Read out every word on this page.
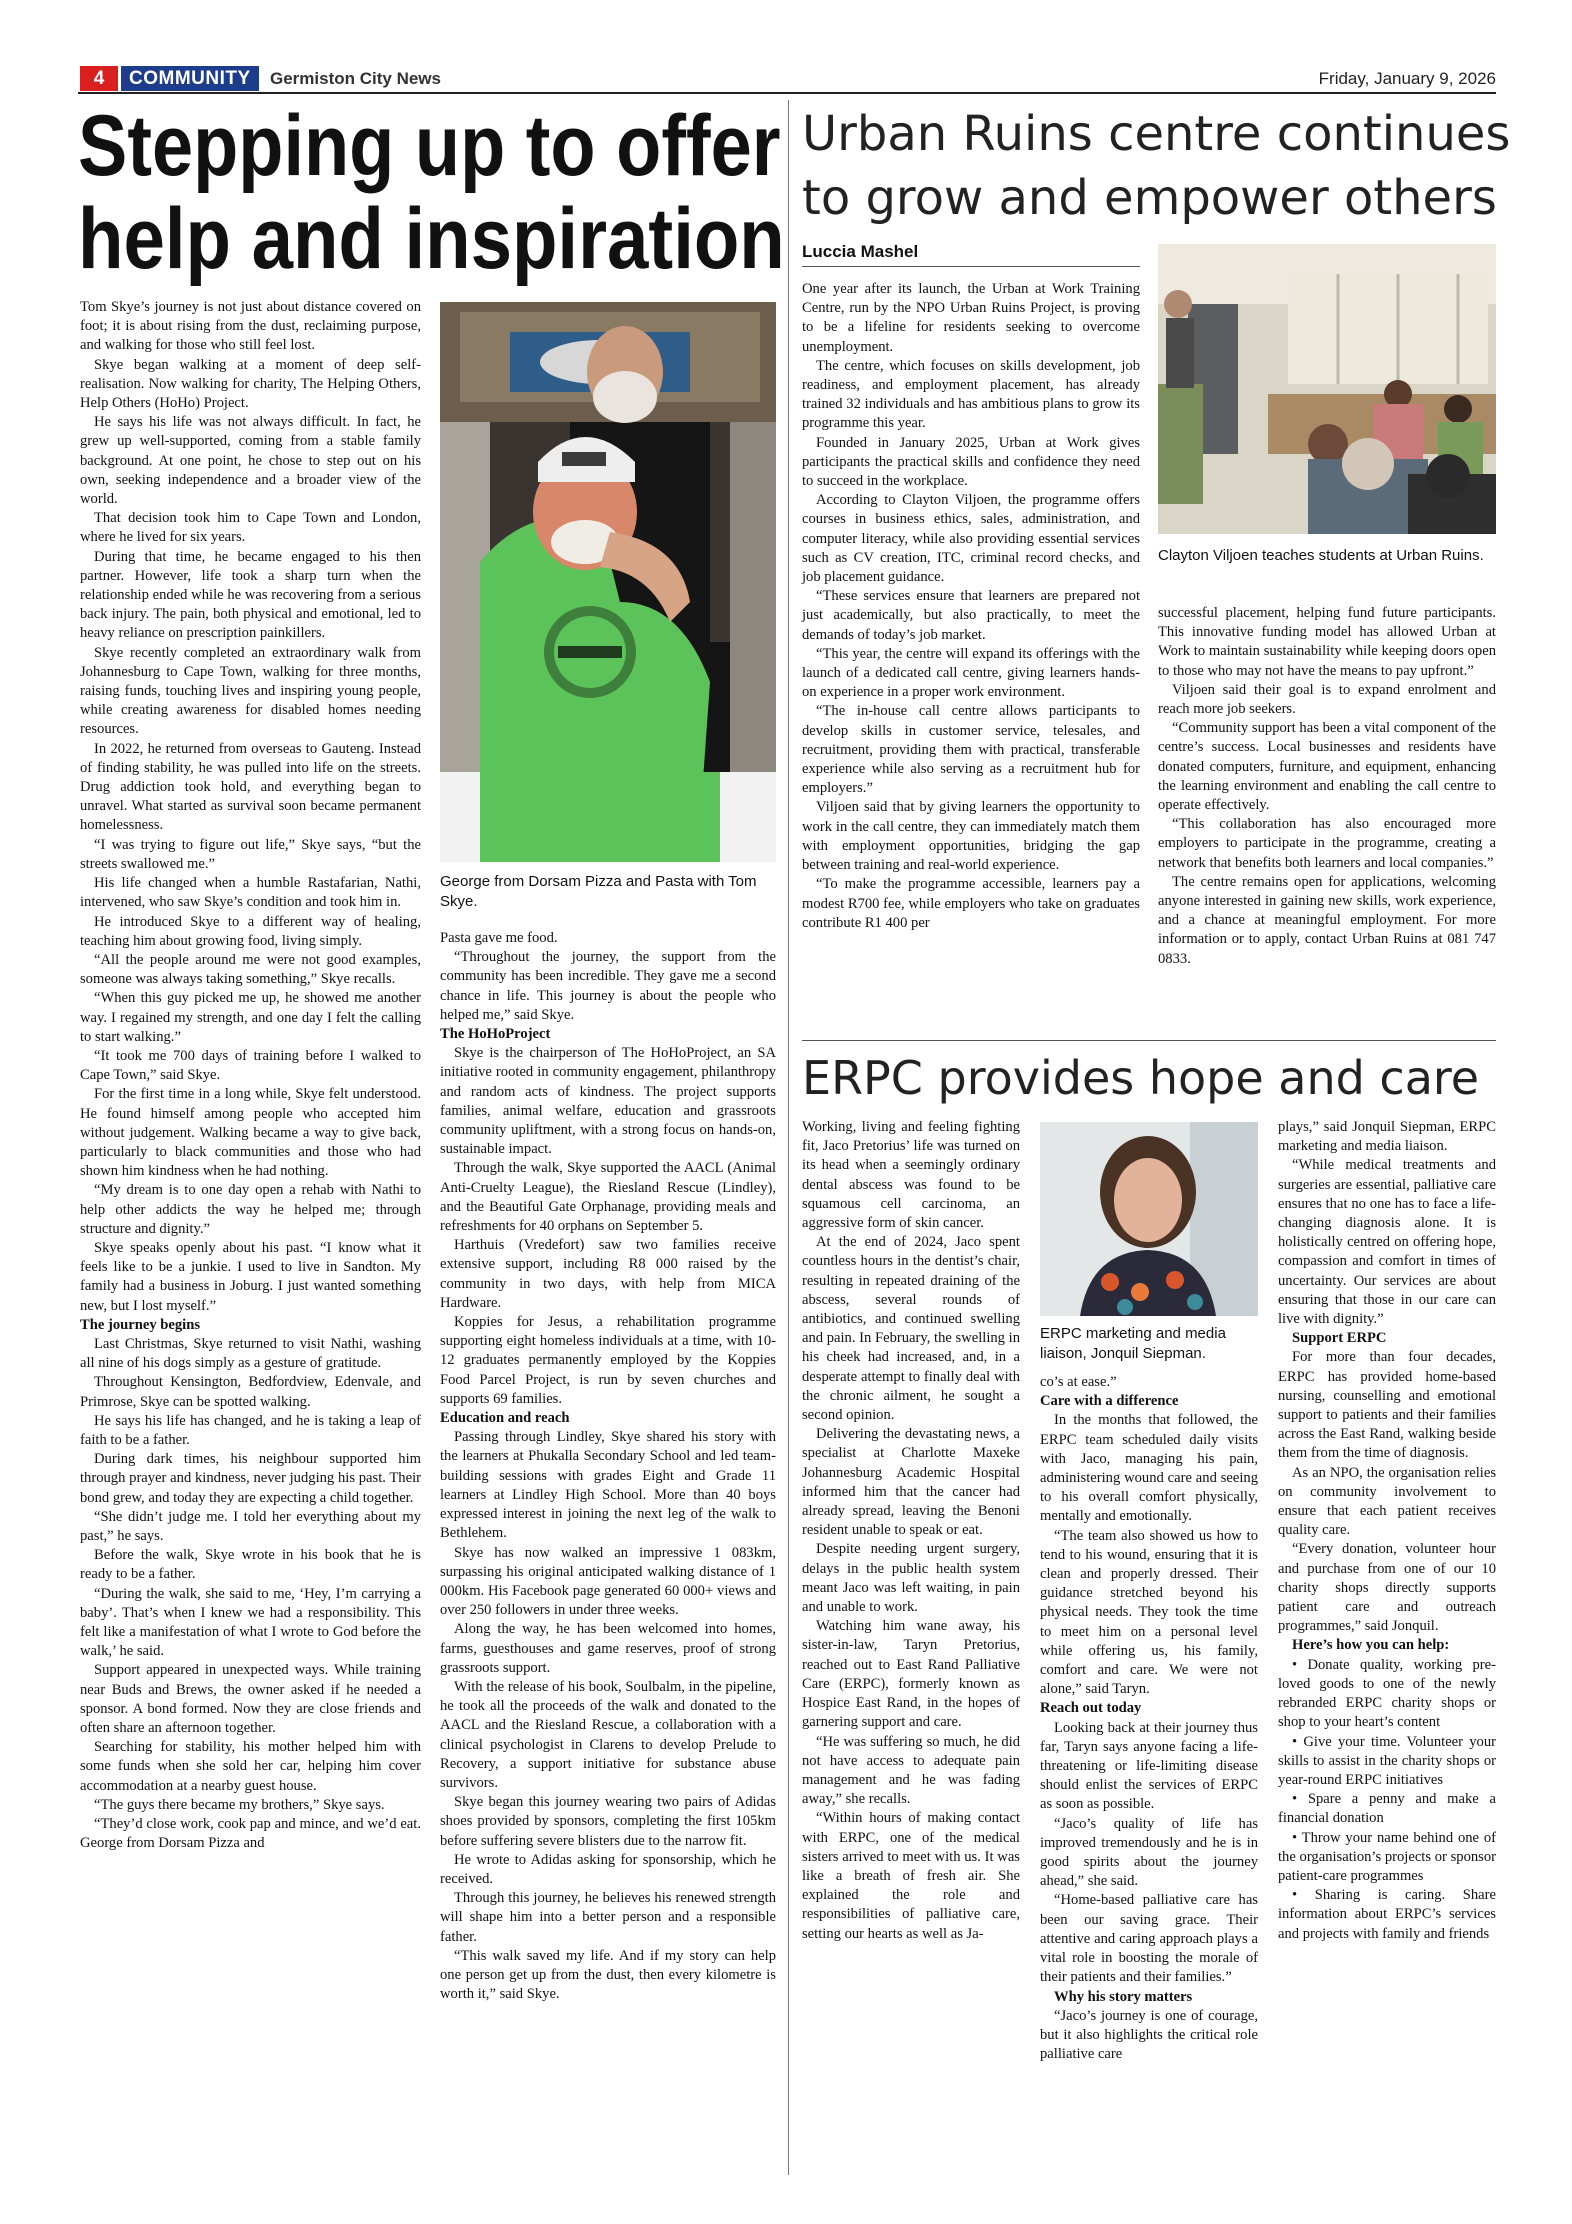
4	COMMUNITY	Germiston City News	Friday, January 9, 2026
Stepping up to offer
help and inspiration

Tom Skye’s journey is not just about distance covered on foot; it is about rising from the dust, reclaiming purpose, and walking for those who still feel lost.

Skye began walking at a moment of deep self-realisation. Now walking for charity, The Helping Others, Help Others (HoHo) Project.

He says his life was not always difficult. In fact, he grew up well-supported, coming from a stable family background. At one point, he chose to step out on his own, seeking independence and a broader view of the world.

That decision took him to Cape Town and London, where he lived for six years.

During that time, he became engaged to his then partner. However, life took a sharp turn when the relationship ended while he was recovering from a serious back injury. The pain, both physical and emotional, led to heavy reliance on prescription painkillers.

Skye recently completed an extraordinary walk from Johannesburg to Cape Town, walking for three months, raising funds, touching lives and inspiring young people, while creating awareness for disabled homes needing resources.

In 2022, he returned from overseas to Gauteng. Instead of finding stability, he was pulled into life on the streets. Drug addiction took hold, and everything began to unravel. What started as survival soon became permanent homelessness.

“I was trying to figure out life,” Skye says, “but the streets swallowed me.”

His life changed when a humble Rastafarian, Nathi, intervened, who saw Skye’s condition and took him in.

He introduced Skye to a different way of healing, teaching him about growing food, living simply.

“All the people around me were not good examples, someone was always taking something,” Skye recalls.

“When this guy picked me up, he showed me another way. I regained my strength, and one day I felt the calling to start walking.”

“It took me 700 days of training before I walked to Cape Town,” said Skye.

For the first time in a long while, Skye felt understood. He found himself among people who accepted him without judgement. Walking became a way to give back, particularly to black communities and those who had shown him kindness when he had nothing.

“My dream is to one day open a rehab with Nathi to help other addicts the way he helped me; through structure and dignity.”

Skye speaks openly about his past. “I know what it feels like to be a junkie. I used to live in Sandton. My family had a business in Joburg. I just wanted something new, but I lost myself.”

The journey begins

Last Christmas, Skye returned to visit Nathi, washing all nine of his dogs simply as a gesture of gratitude.

Throughout Kensington, Bedfordview, Edenvale, and Primrose, Skye can be spotted walking.

He says his life has changed, and he is taking a leap of faith to be a father.

During dark times, his neighbour supported him through prayer and kindness, never judging his past. Their bond grew, and today they are expecting a child together.

“She didn’t judge me. I told her everything about my past,” he says.

Before the walk, Skye wrote in his book that he is ready to be a father.

“During the walk, she said to me, ‘Hey, I’m carrying a baby’. That’s when I knew we had a responsibility. This felt like a manifestation of what I wrote to God before the walk,’ he said.

Support appeared in unexpected ways. While training near Buds and Brews, the owner asked if he needed a sponsor. A bond formed. Now they are close friends and often share an afternoon together.

Searching for stability, his mother helped him with some funds when she sold her car, helping him cover accommodation at a nearby guest house.

“The guys there became my brothers,” Skye says.

“They’d close work, cook pap and mince, and we’d eat. George from Dorsam Pizza and

George from Dorsam Pizza and Pasta with Tom Skye.

Pasta gave me food.

“Throughout the journey, the support from the community has been incredible. They gave me a second chance in life. This journey is about the people who helped me,” said Skye.

The HoHoProject

Skye is the chairperson of The HoHoProject, an SA initiative rooted in community engagement, philanthropy and random acts of kindness. The project supports families, animal welfare, education and grassroots community upliftment, with a strong focus on hands-on, sustainable impact.

Through the walk, Skye supported the AACL (Animal Anti-Cruelty League), the Riesland Rescue (Lindley), and the Beautiful Gate Orphanage, providing meals and refreshments for 40 orphans on September 5.

Harthuis (Vredefort) saw two families receive extensive support, including R8 000 raised by the community in two days, with help from MICA Hardware.

Koppies for Jesus, a rehabilitation programme supporting eight homeless individuals at a time, with 10-12 graduates permanently employed by the Koppies Food Parcel Project, is run by seven churches and supports 69 families.

Education and reach

Passing through Lindley, Skye shared his story with the learners at Phukalla Secondary School and led team-building sessions with grades Eight and Grade 11 learners at Lindley High School. More than 40 boys expressed interest in joining the next leg of the walk to Bethlehem.

Skye has now walked an impressive 1 083km, surpassing his original anticipated walking distance of 1 000km. His Facebook page generated 60 000+ views and over 250 followers in under three weeks.

Along the way, he has been welcomed into homes, farms, guesthouses and game reserves, proof of strong grassroots support.

With the release of his book, Soulbalm, in the pipeline, he took all the proceeds of the walk and donated to the AACL and the Riesland Rescue, a collaboration with a clinical psychologist in Clarens to develop Prelude to Recovery, a support initiative for substance abuse survivors.

Skye began this journey wearing two pairs of Adidas shoes provided by sponsors, completing the first 105km before suffering severe blisters due to the narrow fit.

He wrote to Adidas asking for sponsorship, which he received.

Through this journey, he believes his renewed strength will shape him into a better person and a responsible father.

“This walk saved my life. And if my story can help one person get up from the dust, then every kilometre is worth it,” said Skye.

Urban Ruins centre continues
to grow and empower others
Luccia Mashel

One year after its launch, the Urban at Work Training Centre, run by the NPO Urban Ruins Project, is proving to be a lifeline for residents seeking to overcome unemployment.

The centre, which focuses on skills development, job readiness, and employment placement, has already trained 32 individuals and has ambitious plans to grow its programme this year.

Founded in January 2025, Urban at Work gives participants the practical skills and confidence they need to succeed in the workplace.

According to Clayton Viljoen, the programme offers courses in business ethics, sales, administration, and computer literacy, while also providing essential services such as CV creation, ITC, criminal record checks, and job placement guidance.

“These services ensure that learners are prepared not just academically, but also practically, to meet the demands of today’s job market.

“This year, the centre will expand its offerings with the launch of a dedicated call centre, giving learners hands-on experience in a proper work environment.

“The in-house call centre allows participants to develop skills in customer service, telesales, and recruitment, providing them with practical, transferable experience while also serving as a recruitment hub for employers.”

Viljoen said that by giving learners the opportunity to work in the call centre, they can immediately match them with employment opportunities, bridging the gap between training and real-world experience.

“To make the programme accessible, learners pay a modest R700 fee, while employers who take on graduates contribute R1 400 per

Clayton Viljoen teaches students at Urban Ruins.

successful placement, helping fund future participants. This innovative funding model has allowed Urban at Work to maintain sustainability while keeping doors open to those who may not have the means to pay upfront.”

Viljoen said their goal is to expand enrolment and reach more job seekers.

“Community support has been a vital component of the centre’s success. Local businesses and residents have donated computers, furniture, and equipment, enhancing the learning environment and enabling the call centre to operate effectively.

“This collaboration has also encouraged more employers to participate in the programme, creating a network that benefits both learners and local companies.”

The centre remains open for applications, welcoming anyone interested in gaining new skills, work experience, and a chance at meaningful employment. For more information or to apply, contact Urban Ruins at 081 747 0833.

ERPC provides hope and care

Working, living and feeling fighting fit, Jaco Pretorius’ life was turned on its head when a seemingly ordinary dental abscess was found to be squamous cell carcinoma, an aggressive form of skin cancer.

At the end of 2024, Jaco spent countless hours in the dentist’s chair, resulting in repeated draining of the abscess, several rounds of antibiotics, and continued swelling and pain. In February, the swelling in his cheek had increased, and, in a desperate attempt to finally deal with the chronic ailment, he sought a second opinion.

Delivering the devastating news, a specialist at Charlotte Maxeke Johannesburg Academic Hospital informed him that the cancer had already spread, leaving the Benoni resident unable to speak or eat.

Despite needing urgent surgery, delays in the public health system meant Jaco was left waiting, in pain and unable to work.

Watching him wane away, his sister-in-law, Taryn Pretorius, reached out to East Rand Palliative Care (ERPC), formerly known as Hospice East Rand, in the hopes of garnering support and care.

“He was suffering so much, he did not have access to adequate pain management and he was fading away,” she recalls.

“Within hours of making contact with ERPC, one of the medical sisters arrived to meet with us. It was like a breath of fresh air. She explained the role and responsibilities of palliative care, setting our hearts as well as Ja-

ERPC marketing and media liaison, Jonquil Siepman.

co’s at ease.”

Care with a difference

In the months that followed, the ERPC team scheduled daily visits with Jaco, managing his pain, administering wound care and seeing to his overall comfort physically, mentally and emotionally.

“The team also showed us how to tend to his wound, ensuring that it is clean and properly dressed. Their guidance stretched beyond his physical needs. They took the time to meet him on a personal level while offering us, his family, comfort and care. We were not alone,” said Taryn.

Reach out today

Looking back at their journey thus far, Taryn says anyone facing a life-threatening or life-limiting disease should enlist the services of ERPC as soon as possible.

“Jaco’s quality of life has improved tremendously and he is in good spirits about the journey ahead,” she said.

“Home-based palliative care has been our saving grace. Their attentive and caring approach plays a vital role in boosting the morale of their patients and their families.”

Why his story matters

“Jaco’s journey is one of courage, but it also highlights the critical role palliative care

plays,” said Jonquil Siepman, ERPC marketing and media liaison.

“While medical treatments and surgeries are essential, palliative care ensures that no one has to face a life-changing diagnosis alone. It is holistically centred on offering hope, compassion and comfort in times of uncertainty. Our services are about ensuring that those in our care can live with dignity.”

Support ERPC

For more than four decades, ERPC has provided home-based nursing, counselling and emotional support to patients and their families across the East Rand, walking beside them from the time of diagnosis.

As an NPO, the organisation relies on community involvement to ensure that each patient receives quality care.

“Every donation, volunteer hour and purchase from one of our 10 charity shops directly supports patient care and outreach programmes,” said Jonquil.

Here’s how you can help:

• Donate quality, working pre-loved goods to one of the newly rebranded ERPC charity shops or shop to your heart’s content

• Give your time. Volunteer your skills to assist in the charity shops or year-round ERPC initiatives

• Spare a penny and make a financial donation

• Throw your name behind one of the organisation’s projects or sponsor patient-care programmes

• Sharing is caring. Share information about ERPC’s services and projects with family and friends
